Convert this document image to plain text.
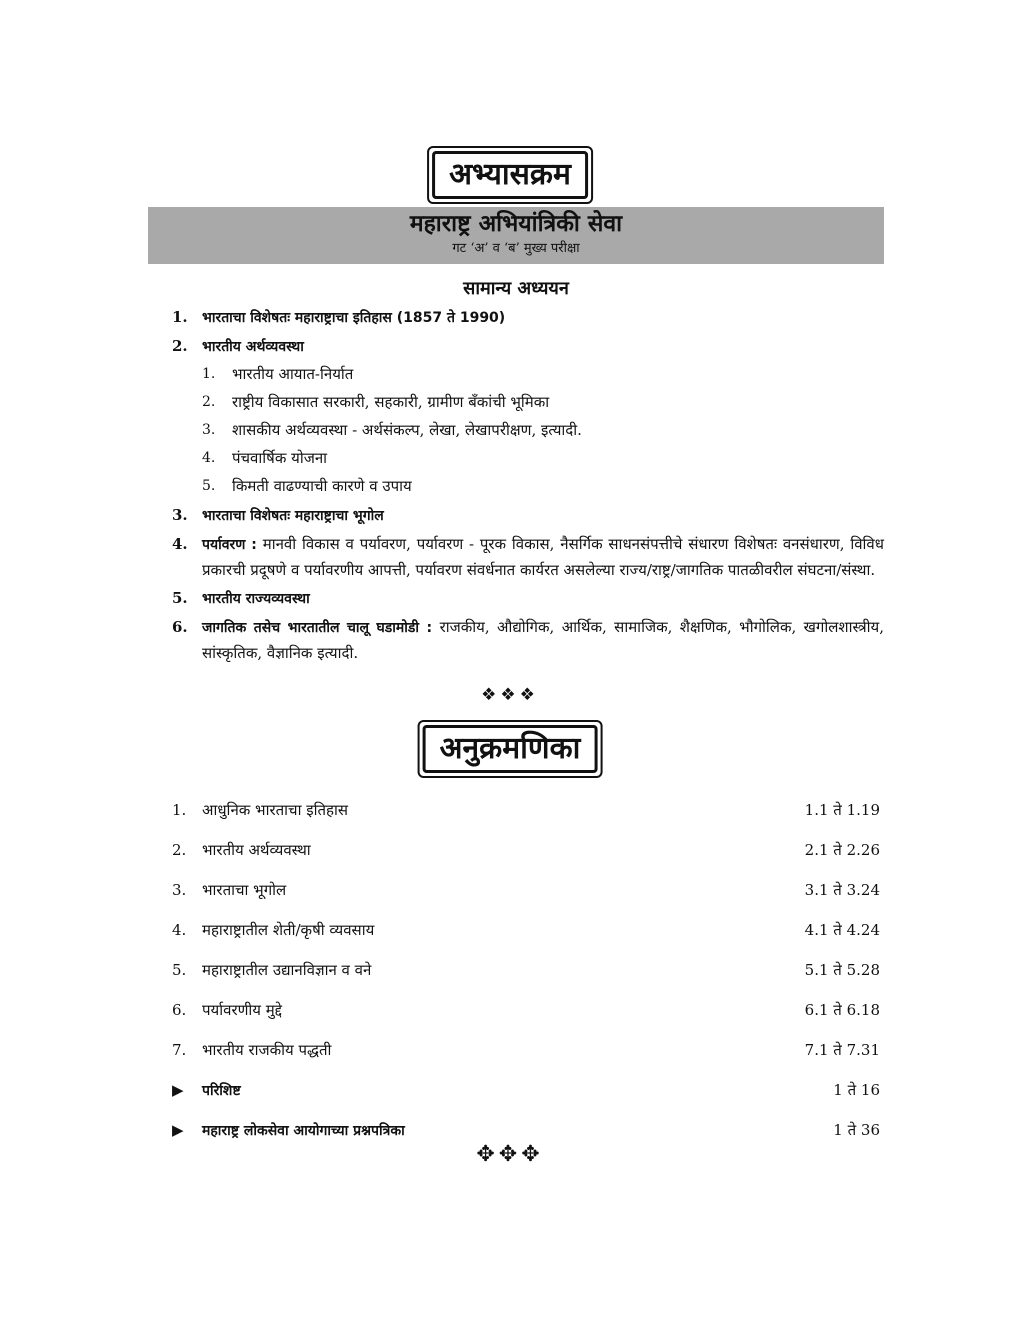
अभ्यासक्रम
महाराष्ट्र अभियांत्रिकी सेवा
गट ‘अ’ व ‘ब’ मुख्य परीक्षा
सामान्य अध्ययन
1.	भारताचा विशेषतः महाराष्ट्राचा इतिहास (1857 ते 1990)
2.	भारतीय अर्थव्यवस्था
1.	भारतीय आयात-निर्यात
2.	राष्ट्रीय विकासात सरकारी, सहकारी, ग्रामीण बँकांची भूमिका
3.	शासकीय अर्थव्यवस्था - अर्थसंकल्प, लेखा, लेखापरीक्षण, इत्यादी.
4.	पंचवार्षिक योजना
5.	किमती वाढण्याची कारणे व उपाय
3.	भारताचा विशेषतः महाराष्ट्राचा भूगोल
4.	पर्यावरण : मानवी विकास व पर्यावरण, पर्यावरण - पूरक विकास, नैसर्गिक साधनसंपत्तीचे संधारण विशेषतः वनसंधारण, विविध प्रकारची प्रदूषणे व पर्यावरणीय आपत्ती, पर्यावरण संवर्धनात कार्यरत असलेल्या राज्य/राष्ट्र/जागतिक पातळीवरील संघटना/संस्था.
5.	भारतीय राज्यव्यवस्था
6.	जागतिक तसेच भारतातील चालू घडामोडी : राजकीय, औद्योगिक, आर्थिक, सामाजिक, शैक्षणिक, भौगोलिक, खगोलशास्त्रीय, सांस्कृतिक, वैज्ञानिक इत्यादी.
❖❖❖
अनुक्रमणिका
1.	आधुनिक भारताचा इतिहास	1.1 ते 1.19
2.	भारतीय अर्थव्यवस्था	2.1 ते 2.26
3.	भारताचा भूगोल	3.1 ते 3.24
4.	महाराष्ट्रातील शेती/कृषी व्यवसाय	4.1 ते 4.24
5.	महाराष्ट्रातील उद्यानविज्ञान व वने	5.1 ते 5.28
6.	पर्यावरणीय मुद्दे	6.1 ते 6.18
7.	भारतीय राजकीय पद्धती	7.1 ते 7.31
▶	परिशिष्ट	1 ते 16
▶	महाराष्ट्र लोकसेवा आयोगाच्या प्रश्नपत्रिका	1 ते 36
✥✥✥
